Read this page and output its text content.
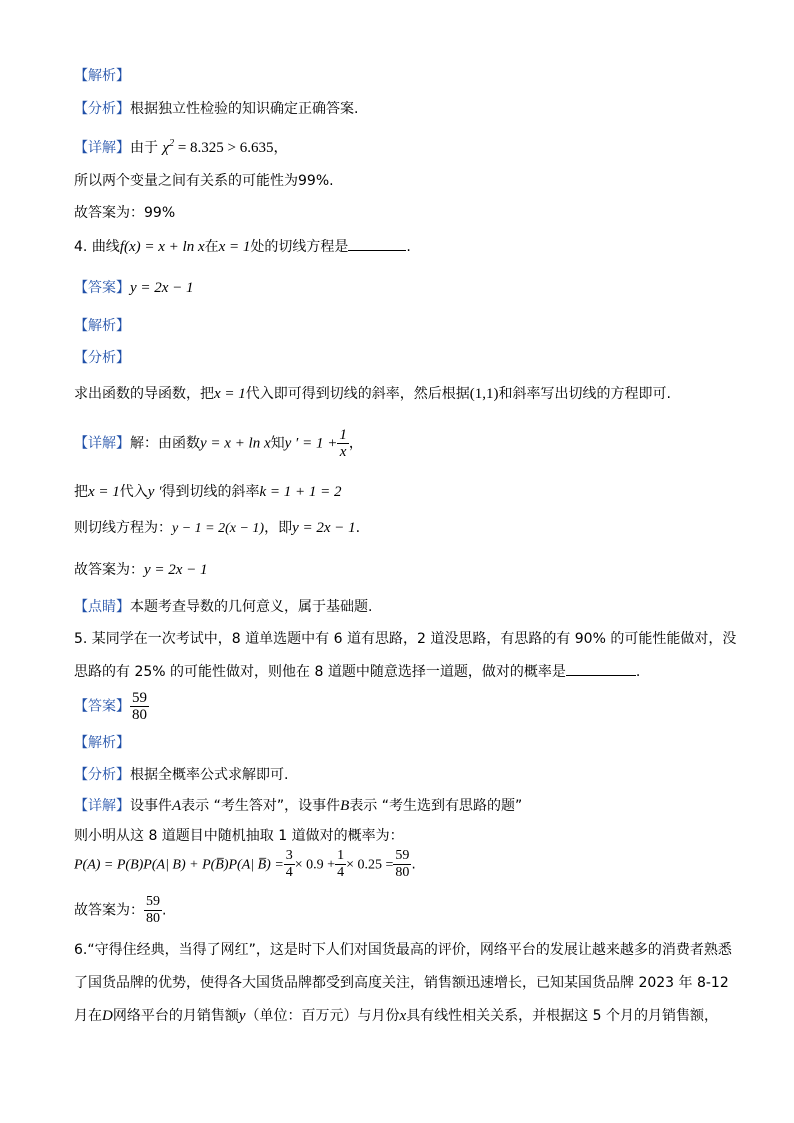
【解析】
【分析】根据独立性检验的知识确定正确答案.
【详解】由于 $\chi^2 = 8.325 > 6.635$，
所以两个变量之间有关系的可能性为99%.
故答案为：99%
4. 曲线f(x) = x + ln x在x = 1处的切线方程是	.
【答案】y = 2x − 1
【解析】
【分析】
求出函数的导函数，把x = 1代入即可得到切线的斜率，然后根据(1,1)和斜率写出切线的方程即可.
【详解】解：由函数y = x + ln x知y ′ = $1 + \frac{1}{x}$ ，
把x = 1代入y ′得到切线的斜率k = 1 + 1 = 2
则切线方程为：y − 1 = 2(x − 1)，即y = 2x − 1.
故答案为：y = 2x − 1
【点睛】本题考查导数的几何意义，属于基础题.
5. 某同学在一次考试中，8 道单选题中有 6 道有思路，2 道没思路，有思路的有 90% 的可能性能做对，没
思路的有 25% 的可能性做对，则他在 8 道题中随意选择一道题，做对的概率是	.
【答案】 $\frac{59}{80}$
【解析】
【分析】根据全概率公式求解即可.
【详解】设事件A表示 “考生答对”，设事件B表示 “考生选到有思路的题”
则小明从这 8 道题目中随机抽取 1 道做对的概率为：
P(A) = P(B)P(A| B) + P(B̅)P(A| B̅) = $\frac{3}{4} \times 0.9 + \frac{1}{4} \times 0.25 = \frac{59}{80}$ .
故答案为： $\frac{59}{80}$ .
6.“守得住经典，当得了网红”，这是时下人们对国货最高的评价，网络平台的发展让越来越多的消费者熟悉
了国货品牌的优势，使得各大国货品牌都受到高度关注，销售额迅速增长，已知某国货品牌 2023 年 8-12
月在D网络平台的月销售额y（单位：百万元）与月份x具有线性相关关系，并根据这 5 个月的月销售额，
